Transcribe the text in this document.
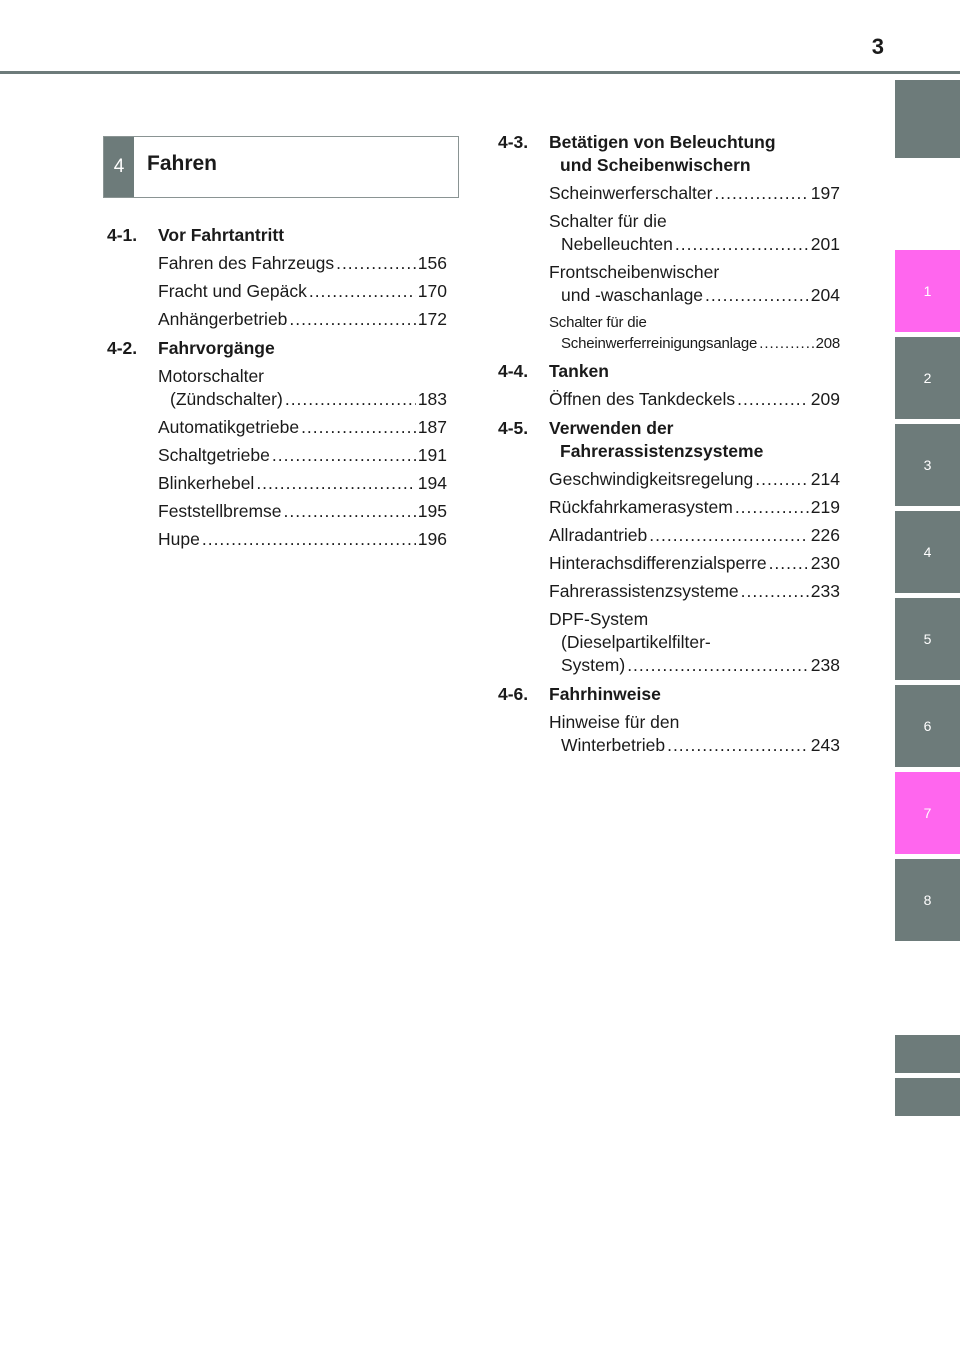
3
4	Fahren
4-1.	Vor Fahrtantritt
Fahren des Fahrzeugs .....	156
Fracht und Gepäck .....	170
Anhängerbetrieb .....	172
4-2.	Fahrvorgänge
Motorschalter
(Zündschalter) .....	183
Automatikgetriebe .....	187
Schaltgetriebe .....	191
Blinkerhebel .....	194
Feststellbremse .....	195
Hupe .....	196
4-3.	Betätigen von Beleuchtung

und Scheibenwischern
Scheinwerferschalter .....	197
Schalter für die
Nebelleuchten .....	201
Frontscheibenwischer
und -waschanlage .....	204
Schalter für die
Scheinwerferreinigungsanlage .....	208
4-4.	Tanken
Öffnen des Tankdeckels .....	209
4-5.	Verwenden der

Fahrerassistenzsysteme
Geschwindigkeitsregelung .....	214
Rückfahrkamerasystem .....	219
Allradantrieb .....	226
Hinterachsdifferenzialsperre .....	230
Fahrerassistenzsysteme .....	233
DPF-System
(Dieselpartikelfilter-
System) .....	238
4-6.	Fahrhinweise
Hinweise für den
Winterbetrieb .....	243
1
2
3
4
5
6
7
8
